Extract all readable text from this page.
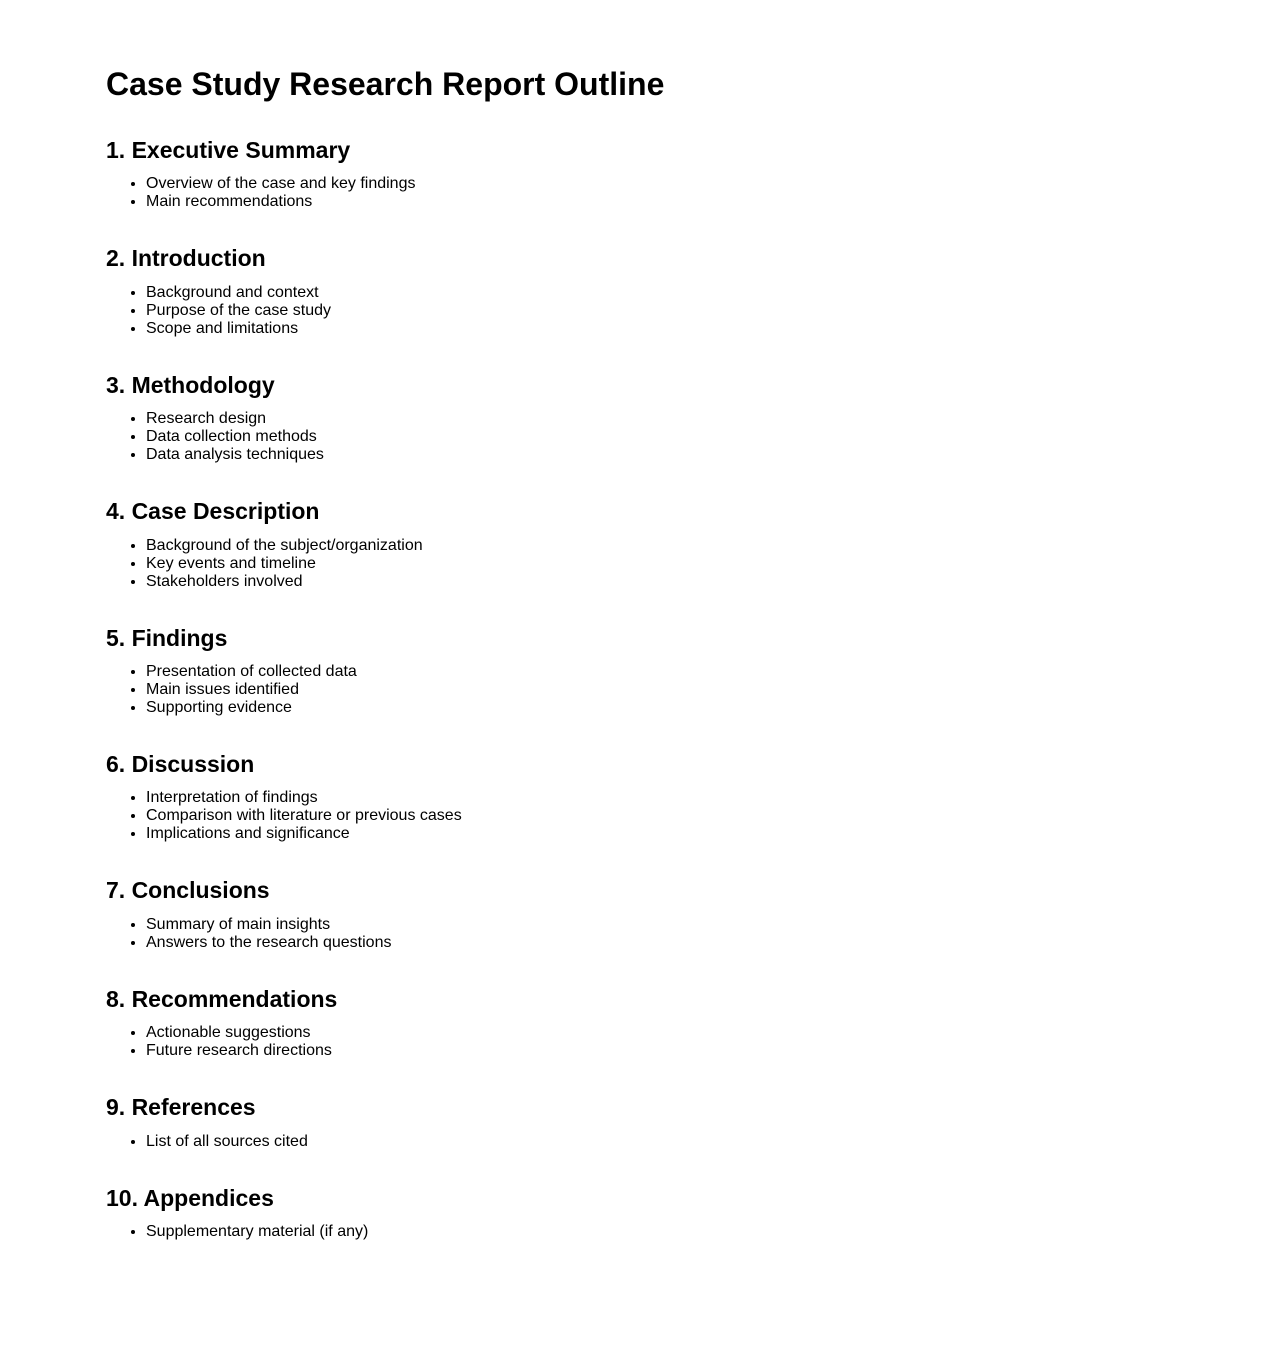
Case Study Research Report Outline
1. Executive Summary
• Overview of the case and key findings
• Main recommendations
2. Introduction
• Background and context
• Purpose of the case study
• Scope and limitations
3. Methodology
• Research design
• Data collection methods
• Data analysis techniques
4. Case Description
• Background of the subject/organization
• Key events and timeline
• Stakeholders involved
5. Findings
• Presentation of collected data
• Main issues identified
• Supporting evidence
6. Discussion
• Interpretation of findings
• Comparison with literature or previous cases
• Implications and significance
7. Conclusions
• Summary of main insights
• Answers to the research questions
8. Recommendations
• Actionable suggestions
• Future research directions
9. References
• List of all sources cited
10. Appendices
• Supplementary material (if any)
